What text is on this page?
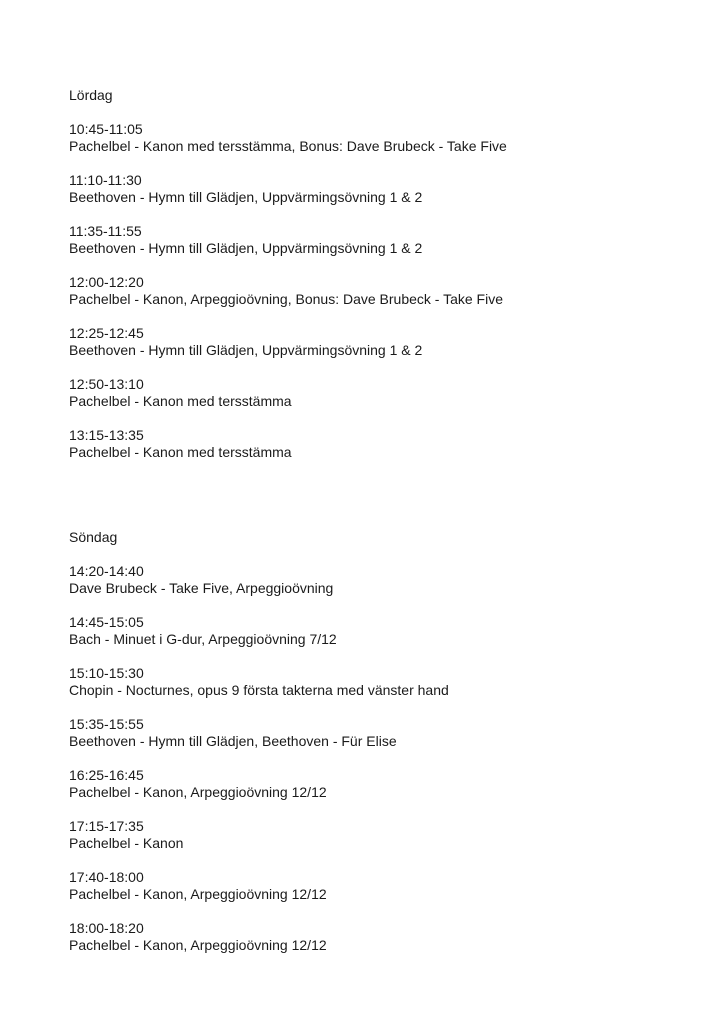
Lördag
10:45-11:05
Pachelbel - Kanon med tersstämma, Bonus: Dave Brubeck - Take Five
11:10-11:30
Beethoven - Hymn till Glädjen, Uppvärmingsövning 1 & 2
11:35-11:55
Beethoven - Hymn till Glädjen, Uppvärmingsövning 1 & 2
12:00-12:20
Pachelbel - Kanon, Arpeggioövning, Bonus: Dave Brubeck - Take Five
12:25-12:45
Beethoven - Hymn till Glädjen, Uppvärmingsövning 1 & 2
12:50-13:10
Pachelbel - Kanon med tersstämma
13:15-13:35
Pachelbel - Kanon med tersstämma
Söndag
14:20-14:40
Dave Brubeck - Take Five, Arpeggioövning
14:45-15:05
Bach - Minuet i G-dur, Arpeggioövning 7/12
15:10-15:30
Chopin - Nocturnes, opus 9 första takterna med vänster hand
15:35-15:55
Beethoven - Hymn till Glädjen, Beethoven - Für Elise
16:25-16:45
Pachelbel - Kanon, Arpeggioövning 12/12
17:15-17:35
Pachelbel - Kanon
17:40-18:00
Pachelbel - Kanon, Arpeggioövning 12/12
18:00-18:20
Pachelbel - Kanon, Arpeggioövning 12/12
